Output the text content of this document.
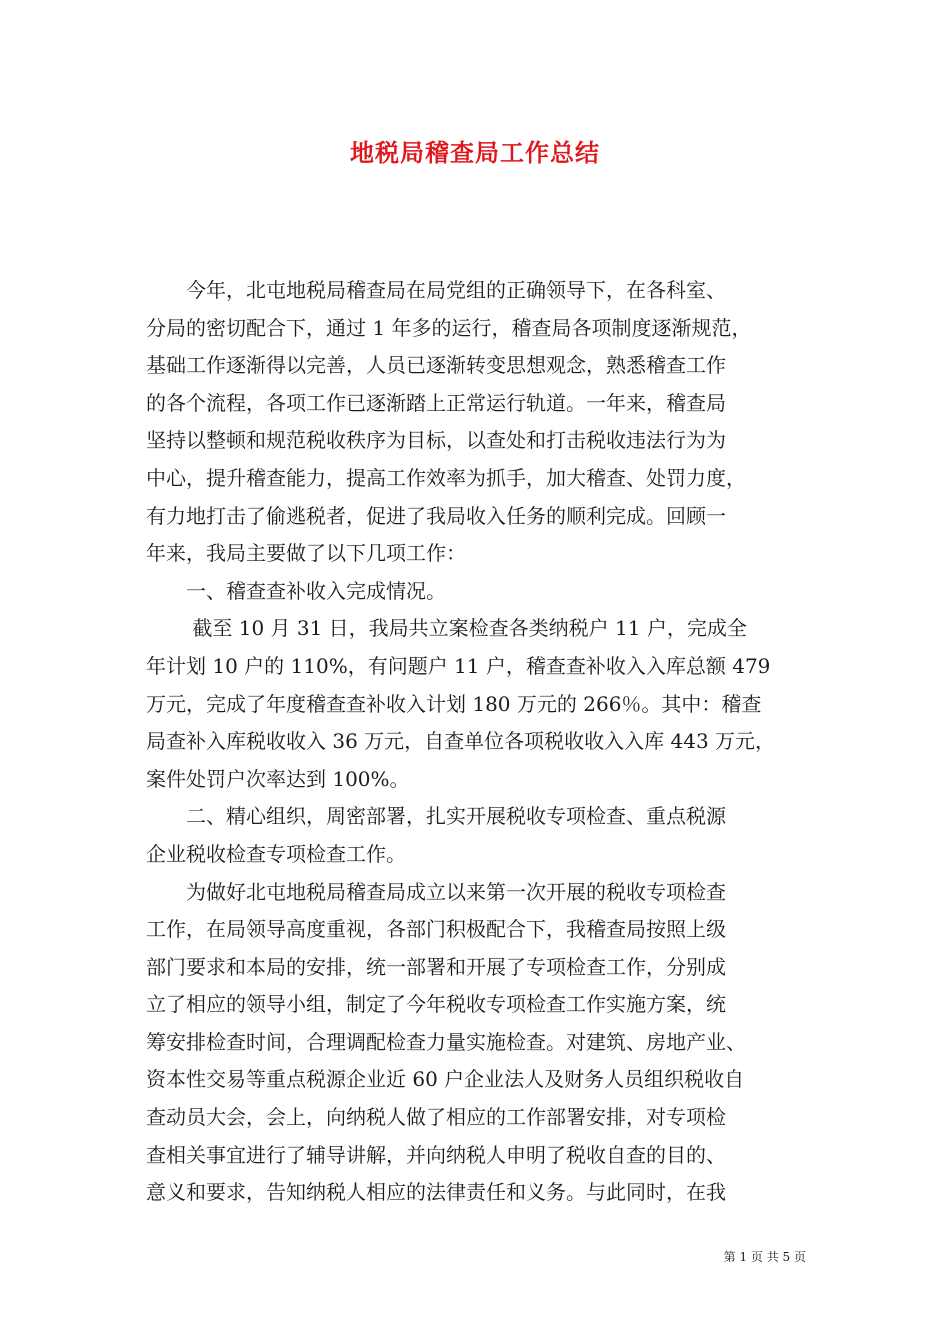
地税局稽查局工作总结
　　今年，北屯地税局稽查局在局党组的正确领导下，在各科室、
分局的密切配合下，通过 1 年多的运行，稽查局各项制度逐渐规范，
基础工作逐渐得以完善，人员已逐渐转变思想观念，熟悉稽查工作
的各个流程，各项工作已逐渐踏上正常运行轨道。一年来，稽查局
坚持以整顿和规范税收秩序为目标，以查处和打击税收违法行为为
中心，提升稽查能力，提高工作效率为抓手，加大稽查、处罚力度，
有力地打击了偷逃税者，促进了我局收入任务的顺利完成。回顾一
年来，我局主要做了以下几项工作：
　　一、稽查查补收入完成情况。
　　 截至 10 月 31 日，我局共立案检查各类纳税户 11 户，完成全
年计划 10 户的 110%，有问题户 11 户，稽查查补收入入库总额 479
万元，完成了年度稽查查补收入计划 180 万元的 266％。其中：稽查
局查补入库税收收入 36 万元，自查单位各项税收收入入库 443 万元，
案件处罚户次率达到 100%。
　　二、精心组织，周密部署，扎实开展税收专项检查、重点税源
企业税收检查专项检查工作。
　　为做好北屯地税局稽查局成立以来第一次开展的税收专项检查
工作，在局领导高度重视，各部门积极配合下，我稽查局按照上级
部门要求和本局的安排，统一部署和开展了专项检查工作，分别成
立了相应的领导小组，制定了今年税收专项检查工作实施方案，统
筹安排检查时间，合理调配检查力量实施检查。对建筑、房地产业、
资本性交易等重点税源企业近 60 户企业法人及财务人员组织税收自
查动员大会，会上，向纳税人做了相应的工作部署安排，对专项检
查相关事宜进行了辅导讲解，并向纳税人申明了税收自查的目的、
意义和要求，告知纳税人相应的法律责任和义务。与此同时，在我
第 1 页 共 5 页
